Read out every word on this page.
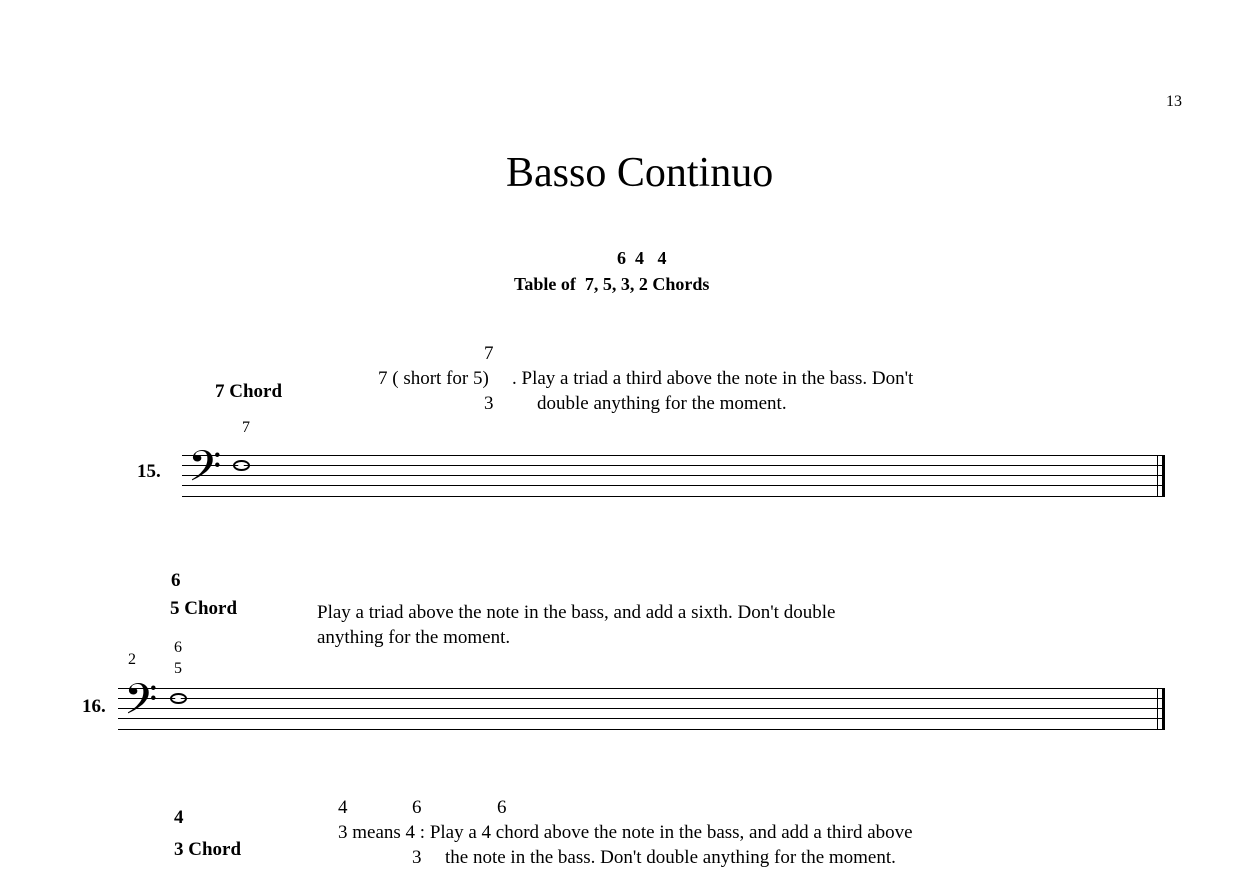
13
Basso Continuo
6  4   4
Table of  7, 5, 3, 2 Chords
7 Chord
7
7 ( short for 5) . Play a triad a third above the note in the bass. Don't
3 double anything for the moment.
7
15. 𝄢
6
5 Chord	Play a triad above the note in the bass, and add a sixth. Don't double
anything for the moment.
2
6
5
16. 𝄢
4
3 Chord
4	6	6
3 means 4 : Play a 4 chord above the note in the bass, and add a third above
3 the note in the bass. Don't double anything for the moment.
